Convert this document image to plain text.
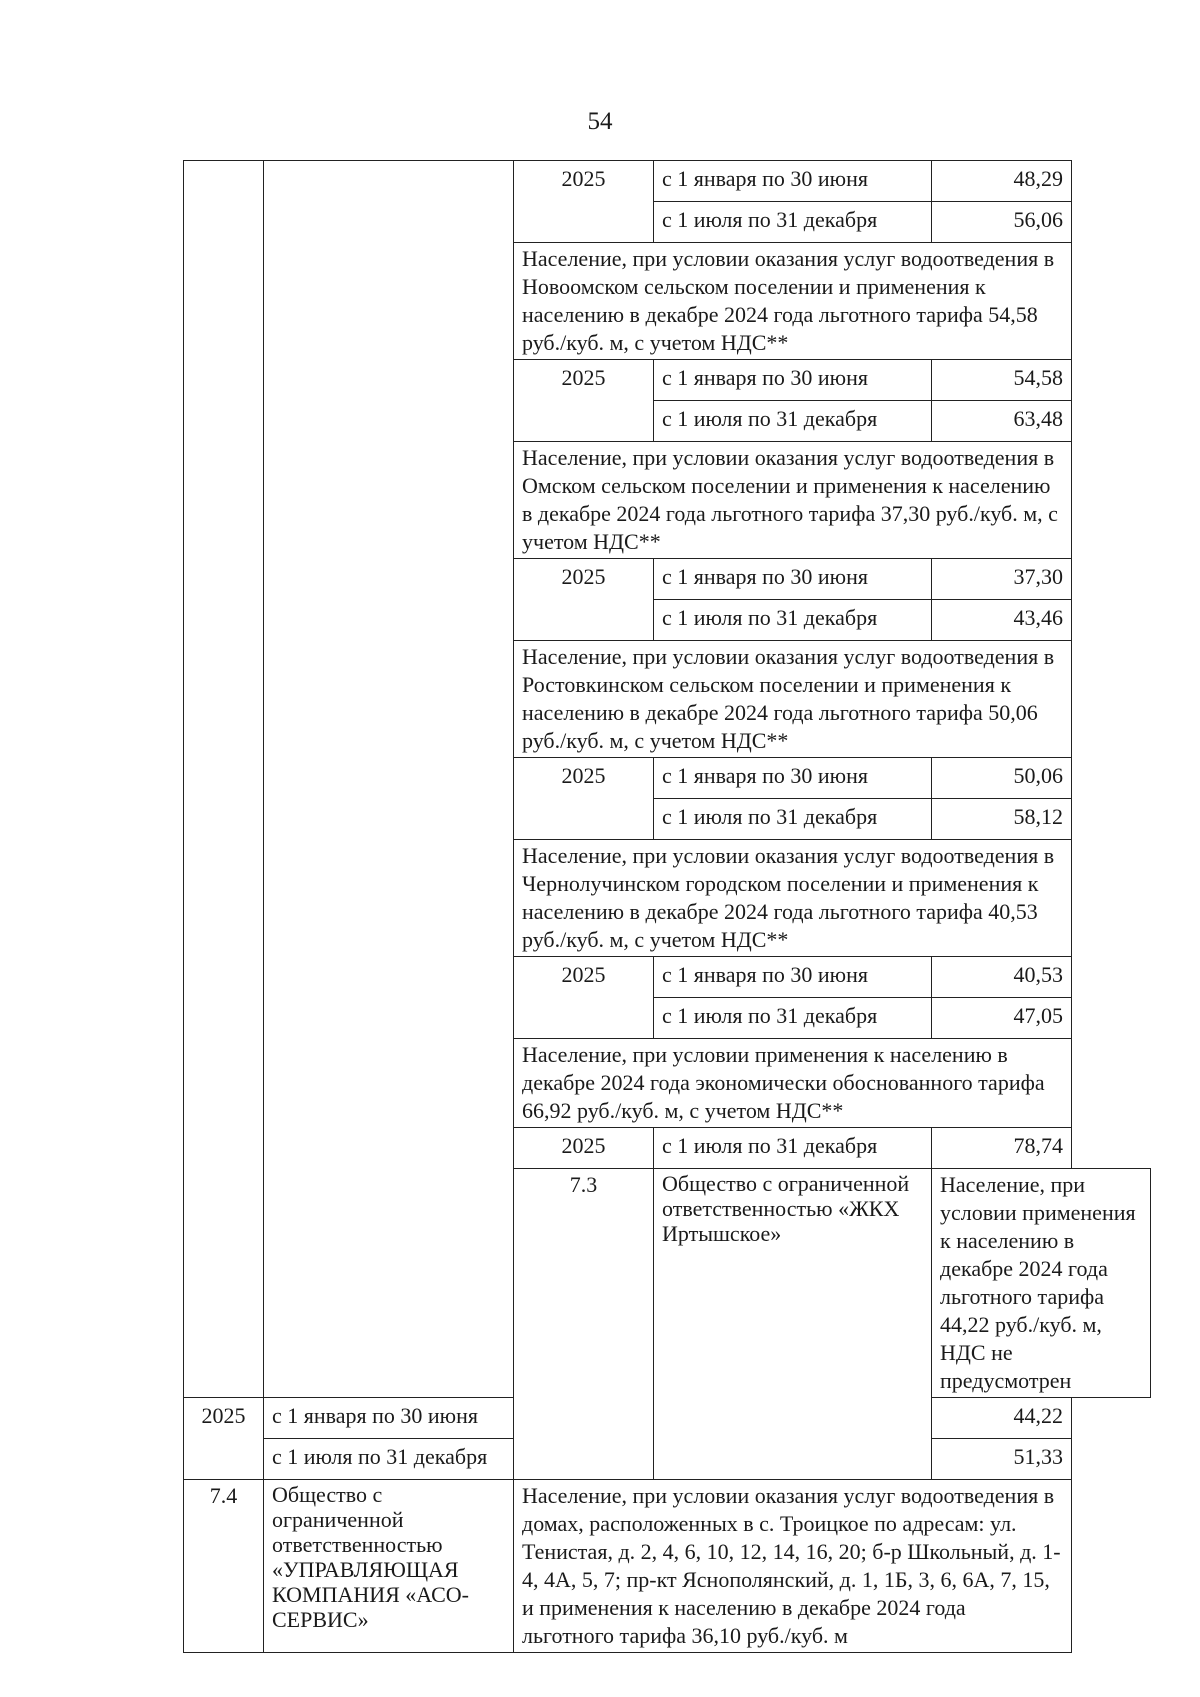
54
		2025	с 1 января по 30 июня	48,29
			с 1 июля по 31 декабря	56,06
		Население, при условии оказания услуг водоотведения в Новоомском сельском поселении и применения к населению в декабре 2024 года льготного тарифа 54,58 руб./куб. м, с учетом НДС**		
		2025	с 1 января по 30 июня	54,58
			с 1 июля по 31 декабря	63,48
		Население, при условии оказания услуг водоотведения в Омском сельском поселении и применения к населению в декабре 2024 года льготного тарифа 37,30 руб./куб. м, с учетом НДС**		
		2025	с 1 января по 30 июня	37,30
			с 1 июля по 31 декабря	43,46
		Население, при условии оказания услуг водоотведения в Ростовкинском сельском поселении и применения к населению в декабре 2024 года льготного тарифа 50,06 руб./куб. м, с учетом НДС**		
		2025	с 1 января по 30 июня	50,06
			с 1 июля по 31 декабря	58,12
		Население, при условии оказания услуг водоотведения в Чернолучинском городском поселении и применения к населению в декабре 2024 года льготного тарифа 40,53 руб./куб. м, с учетом НДС**		
		2025	с 1 января по 30 июня	40,53
			с 1 июля по 31 декабря	47,05
		Население, при условии применения к населению в декабре 2024 года экономически обоснованного тарифа 66,92 руб./куб. м, с учетом НДС**		
		2025	с 1 июля по 31 декабря	78,74
		7.3	Общество с ограниченной ответственностью «ЖКХ Иртышское»	Население, при условии применения к населению в декабре 2024 года льготного тарифа 44,22 руб./куб. м, НДС не предусмотрен
2025	с 1 января по 30 июня			44,22
	с 1 июля по 31 декабря			51,33
7.4	Общество с ограниченной ответственностью «УПРАВЛЯЮЩАЯ КОМПАНИЯ «АСО-СЕРВИС»	Население, при условии оказания услуг водоотведения в домах, расположенных в с. Троицкое по адресам: ул. Тенистая, д. 2, 4, 6, 10, 12, 14, 16, 20; б-р Школьный, д. 1-4, 4А, 5, 7; пр-кт Яснополянский, д. 1, 1Б, 3, 6, 6А, 7, 15, и применения к населению в декабре 2024 года льготного тарифа 36,10 руб./куб. м		
